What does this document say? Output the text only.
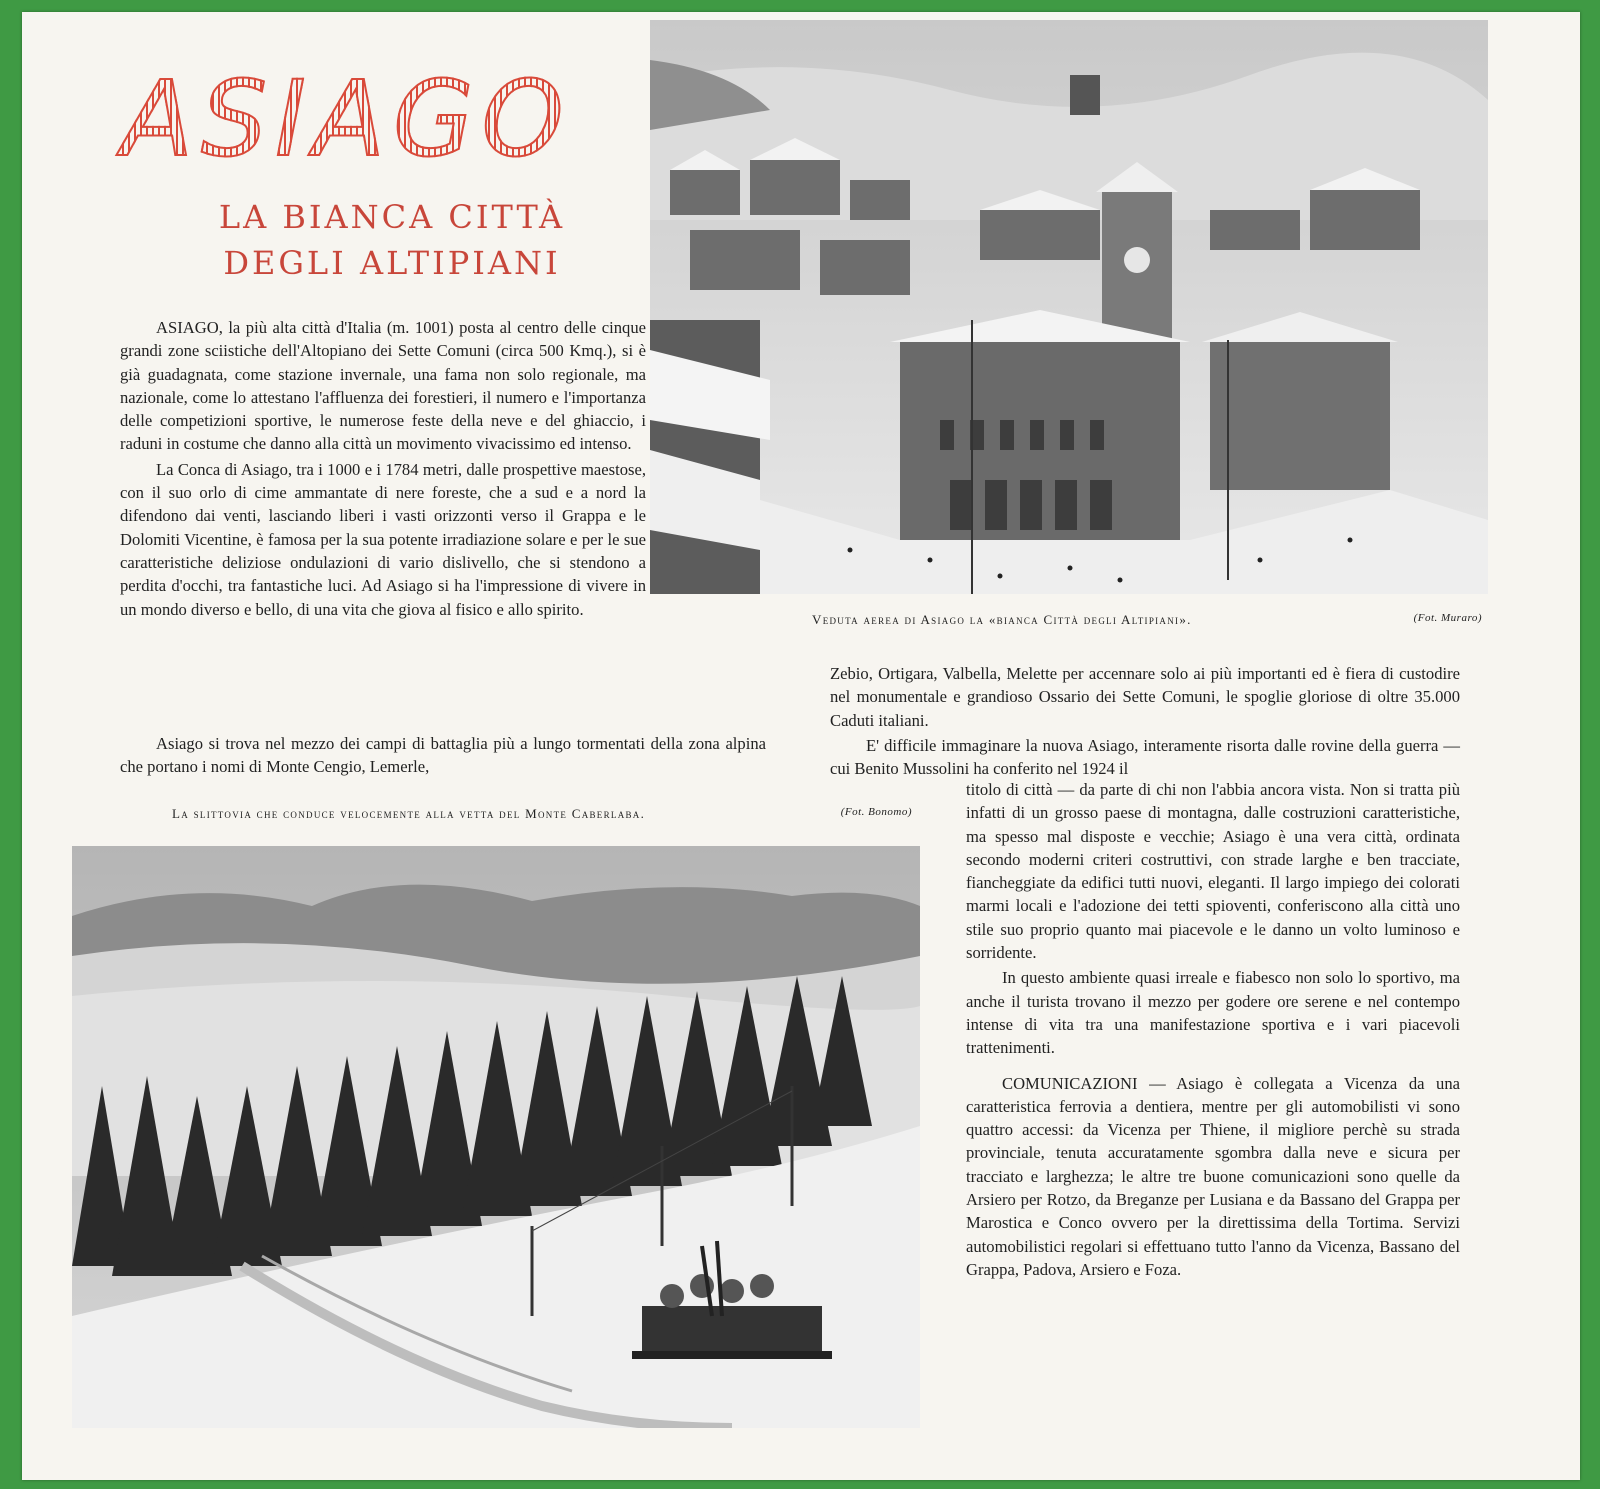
ASIAGO
LA BIANCA CITTÀ
DEGLI ALTIPIANI

ASIAGO, la più alta città d'Italia (m. 1001) posta al centro delle cinque grandi zone sciistiche dell'Altopiano dei Sette Comuni (circa 500 Kmq.), si è già guadagnata, come stazione invernale, una fama non solo regionale, ma nazionale, come lo attestano l'affluenza dei forestieri, il numero e l'importanza delle competizioni sportive, le numerose feste della neve e del ghiaccio, i raduni in costume che danno alla città un movimento vivacissimo ed intenso.

La Conca di Asiago, tra i 1000 e i 1784 metri, dalle prospettive maestose, con il suo orlo di cime ammantate di nere foreste, che a sud e a nord la difendono dai venti, lasciando liberi i vasti orizzonti verso il Grappa e le Dolomiti Vicentine, è famosa per la sua potente irradiazione solare e per le sue caratteristiche deliziose ondulazioni di vario dislivello, che si stendono a perdita d'occhi, tra fantastiche luci. Ad Asiago si ha l'impressione di vivere in un mondo diverso e bello, di una vita che giova al fisico e allo spirito.

Asiago si trova nel mezzo dei campi di battaglia più a lungo tormentati della zona alpina che portano i nomi di Monte Cengio, Lemerle,

Veduta aerea di Asiago la «bianca Città degli Altipiani».	(Fot. Muraro)

Zebio, Ortigara, Valbella, Melette per accennare solo ai più importanti ed è fiera di custodire nel monumentale e grandioso Ossario dei Sette Comuni, le spoglie gloriose di oltre 35.000 Caduti italiani.

E' difficile immaginare la nuova Asiago, interamente risorta dalle rovine della guerra — cui Benito Mussolini ha conferito nel 1924 il

La slittovia che conduce velocemente alla vetta del Monte Caberlaba.	(Fot. Bonomo)

titolo di città — da parte di chi non l'abbia ancora vista. Non si tratta più infatti di un grosso paese di montagna, dalle costruzioni caratteristiche, ma spesso mal disposte e vecchie; Asiago è una vera città, ordinata secondo moderni criteri costruttivi, con strade larghe e ben tracciate, fiancheggiate da edifici tutti nuovi, eleganti. Il largo impiego dei colorati marmi locali e l'adozione dei tetti spioventi, conferiscono alla città uno stile suo proprio quanto mai piacevole e le danno un volto luminoso e sorridente.

In questo ambiente quasi irreale e fiabesco non solo lo sportivo, ma anche il turista trovano il mezzo per godere ore serene e nel contempo intense di vita tra una manifestazione sportiva e i vari piacevoli trattenimenti.

COMUNICAZIONI — Asiago è collegata a Vicenza da una caratteristica ferrovia a dentiera, mentre per gli automobilisti vi sono quattro accessi: da Vicenza per Thiene, il migliore perchè su strada provinciale, tenuta accuratamente sgombra dalla neve e sicura per tracciato e larghezza; le altre tre buone comunicazioni sono quelle da Arsiero per Rotzo, da Breganze per Lusiana e da Bassano del Grappa per Marostica e Conco ovvero per la direttissima della Tortima. Servizi automobilistici regolari si effettuano tutto l'anno da Vicenza, Bassano del Grappa, Padova, Arsiero e Foza.
